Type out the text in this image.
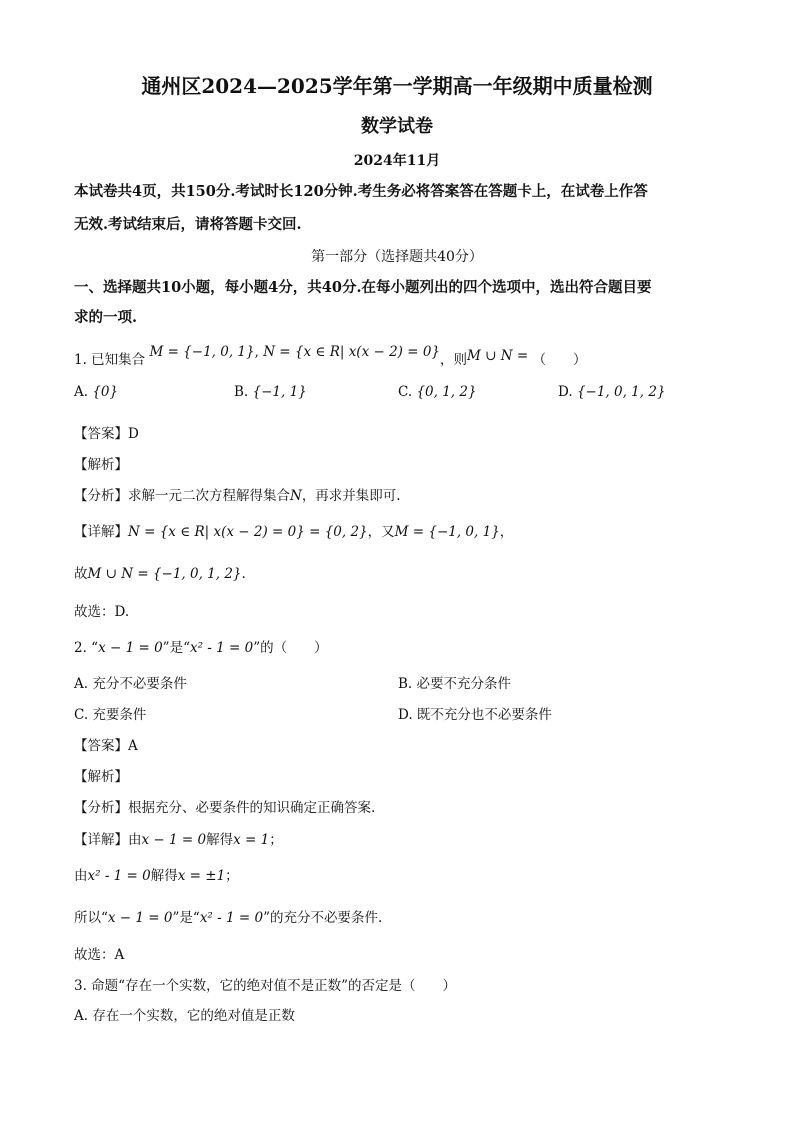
通州区2024—2025学年第一学期高一年级期中质量检测
数学试卷
2024年11月
本试卷共4页，共150分.考试时长120分钟.考生务必将答案答在答题卡上，在试卷上作答
无效.考试结束后，请将答题卡交回.
第一部分（选择题共40分）
一、选择题共10小题，每小题4分，共40分.在每小题列出的四个选项中，选出符合题目要
求的一项.
1. 已知集合 M = {−1, 0, 1}, N = {x ∈ R| x(x − 2) = 0}，则M ∪ N = （　　）
A. {0}	B. {−1, 1}	C. {0, 1, 2}	D. {−1, 0, 1, 2}
【答案】D
【解析】
【分析】求解一元二次方程解得集合N，再求并集即可.
【详解】N = {x ∈ R| x(x − 2) = 0} = {0, 2}，又M = {−1, 0, 1}，
故M ∪ N = {−1, 0, 1, 2}.
故选：D.
2. “x − 1 = 0”是“x² - 1 = 0”的（　　）
A. 充分不必要条件	B. 必要不充分条件
C. 充要条件	D. 既不充分也不必要条件
【答案】A
【解析】
【分析】根据充分、必要条件的知识确定正确答案.
【详解】由x − 1 = 0解得x = 1；
由x² - 1 = 0解得x = ±1；
所以“x − 1 = 0”是“x² - 1 = 0”的充分不必要条件.
故选：A
3. 命题“存在一个实数，它的绝对值不是正数”的否定是（　　）
A. 存在一个实数，它的绝对值是正数
